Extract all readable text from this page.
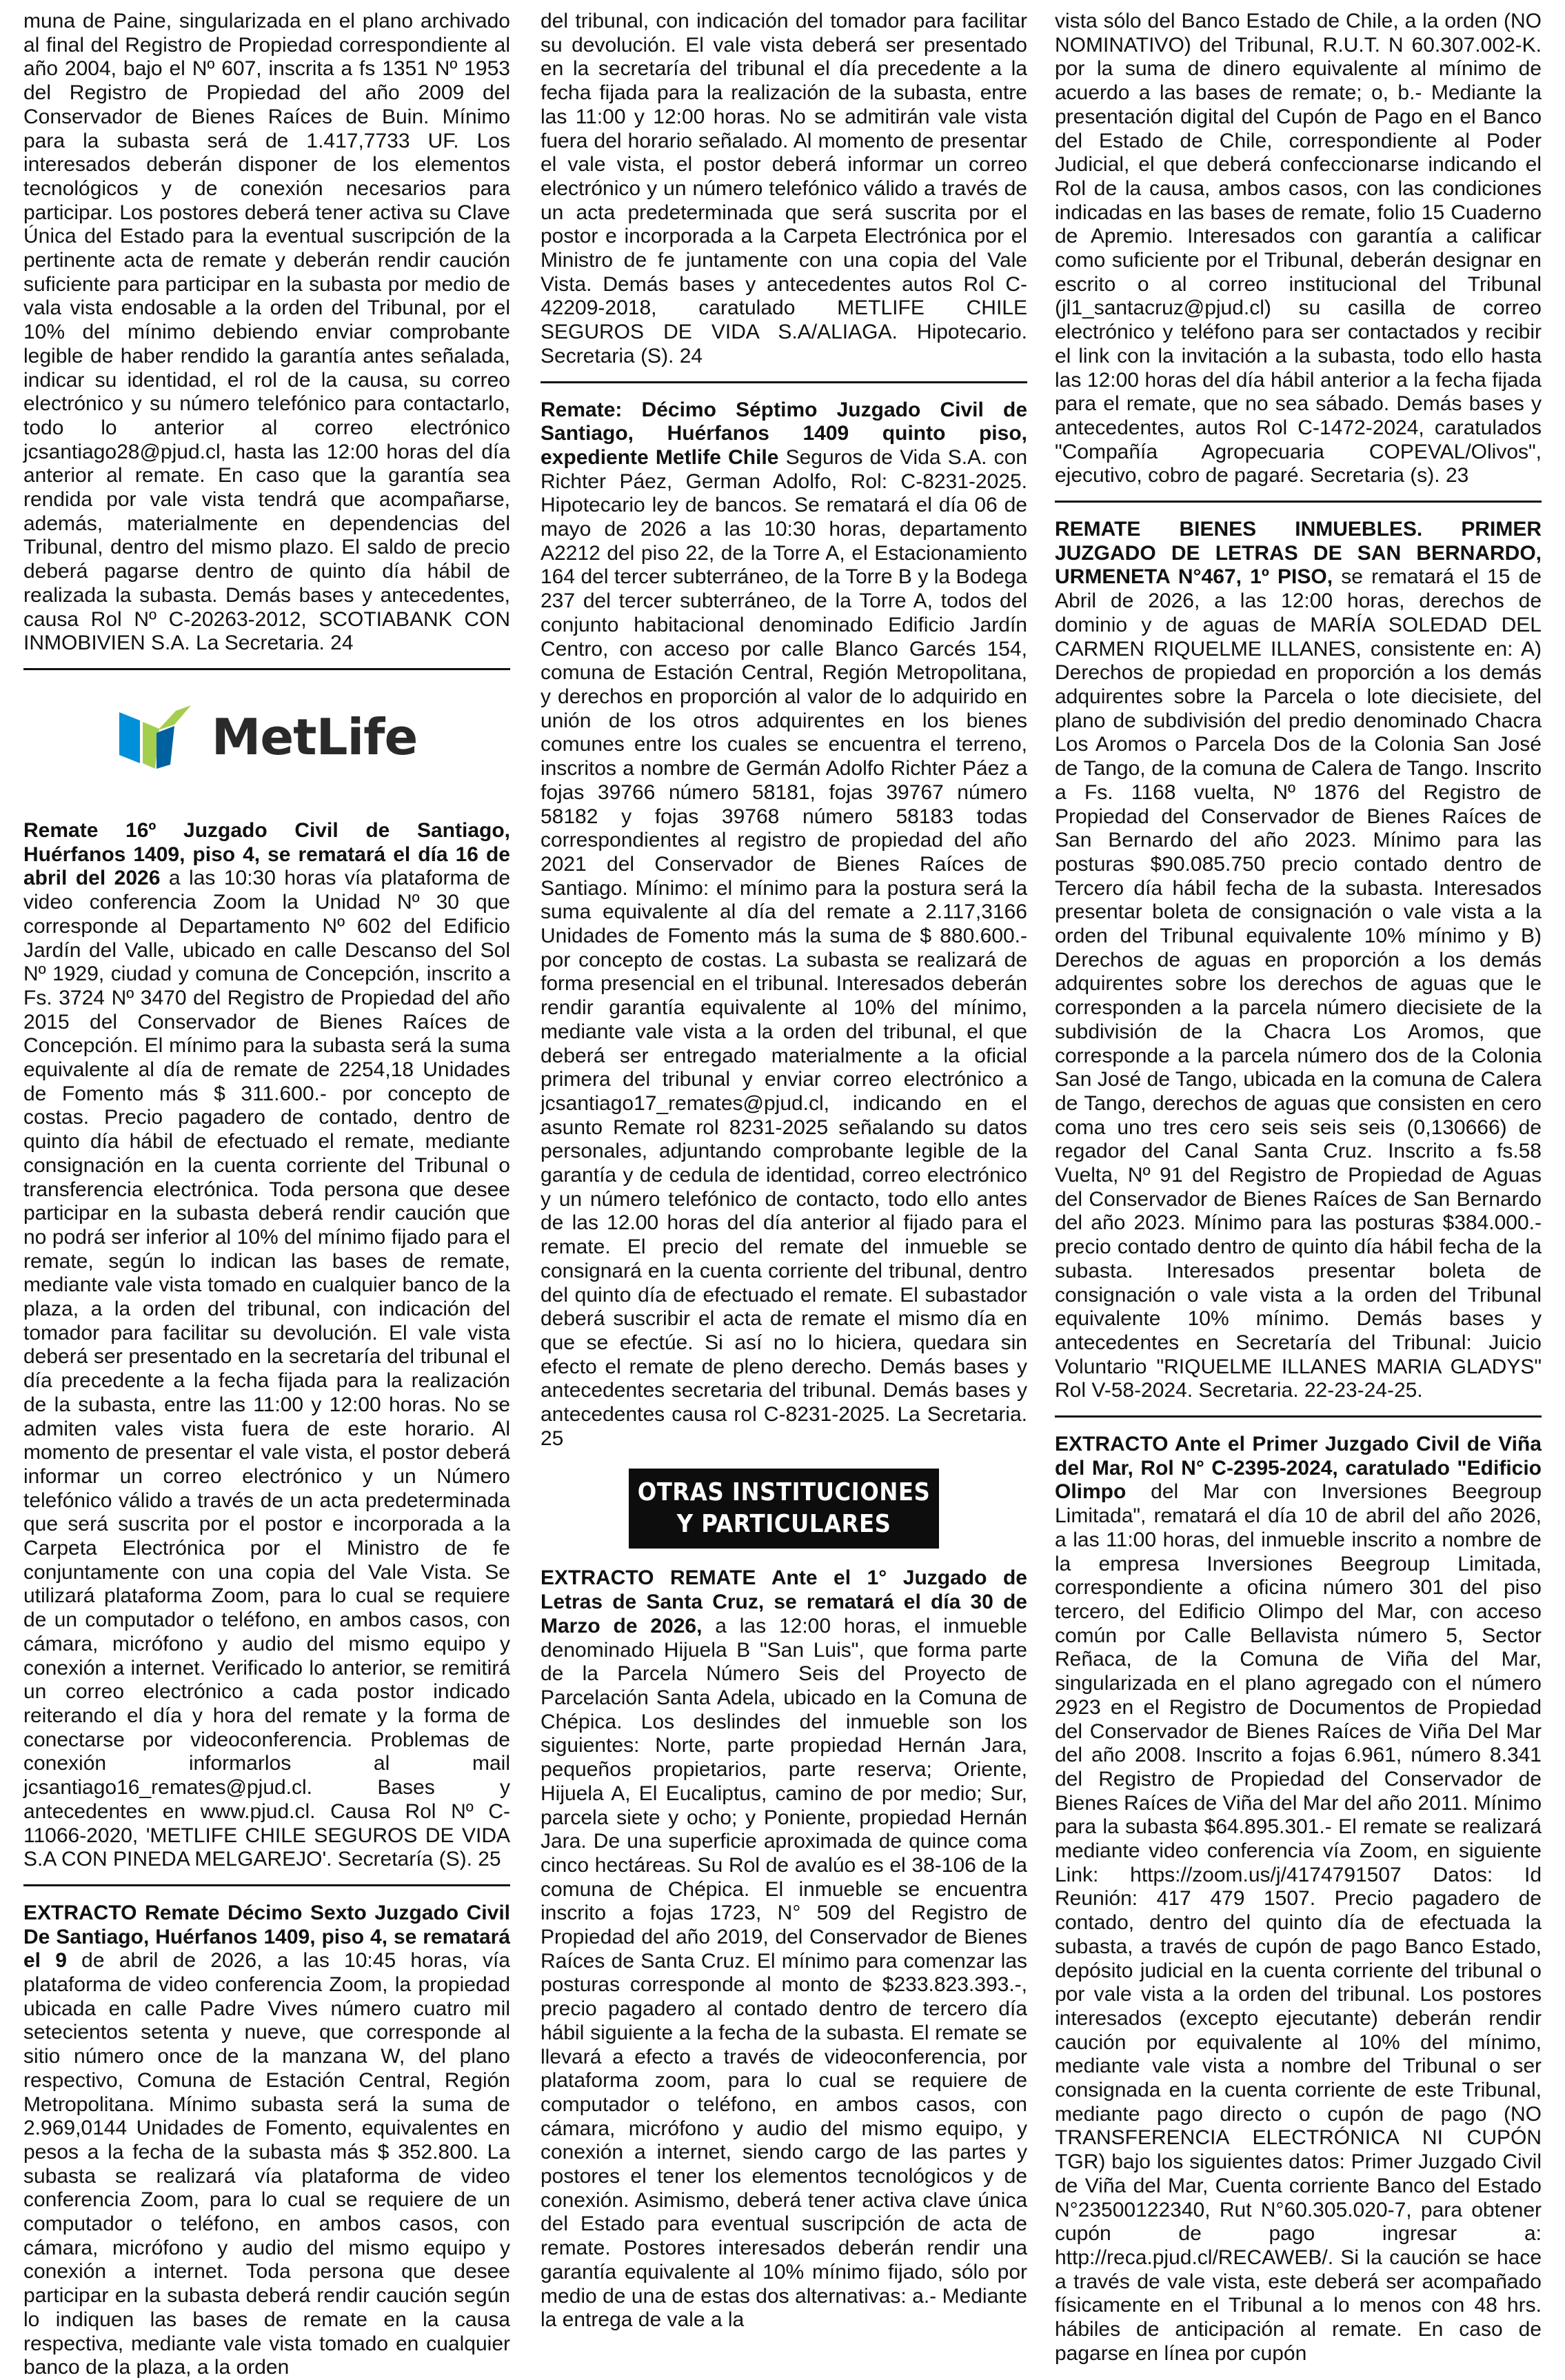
muna de Paine, singularizada en el plano archivado al final del Registro de Propiedad correspondiente al año 2004, bajo el Nº 607, inscrita a fs 1351 Nº 1953 del Registro de Propiedad del año 2009 del Conservador de Bienes Raíces de Buin. Mínimo para la subasta será de 1.417,7733 UF. Los interesados deberán disponer de los elementos tecnológicos y de conexión necesarios para participar. Los postores deberá tener activa su Clave Única del Estado para la eventual suscripción de la pertinente acta de remate y deberán rendir caución suficiente para participar en la subasta por medio de vala vista endosable a la orden del Tribunal, por el 10% del mínimo debiendo enviar comprobante legible de haber rendido la garantía antes señalada, indicar su identidad, el rol de la causa, su correo electrónico y su número telefónico para contactarlo, todo lo anterior al correo electrónico jcsantiago28@pjud.cl, hasta las 12:00 horas del día anterior al remate. En caso que la garantía sea rendida por vale vista tendrá que acompañarse, además, materialmente en dependencias del Tribunal, dentro del mismo plazo. El saldo de precio deberá pagarse dentro de quinto día hábil de realizada la subasta. Demás bases y antecedentes, causa Rol Nº C-20263-2012, SCOTIABANK CON INMOBIVIEN S.A. La Secretaria. 24

MetLife

Remate 16º Juzgado Civil de Santiago, Huérfanos 1409, piso 4, se rematará el día 16 de abril del 2026 a las 10:30 horas vía plataforma de video conferencia Zoom la Unidad Nº 30 que corresponde al Departamento Nº 602 del Edificio Jardín del Valle, ubicado en calle Descanso del Sol Nº 1929, ciudad y comuna de Concepción, inscrito a Fs. 3724 Nº 3470 del Registro de Propiedad del año 2015 del Conservador de Bienes Raíces de Concepción. El mínimo para la subasta será la suma equivalente al día de remate de 2254,18 Unidades de Fomento más $ 311.600.- por concepto de costas. Precio pagadero de contado, dentro de quinto día hábil de efectuado el remate, mediante consignación en la cuenta corriente del Tribunal o transferencia electrónica. Toda persona que desee participar en la subasta deberá rendir caución que no podrá ser inferior al 10% del mínimo fijado para el remate, según lo indican las bases de remate, mediante vale vista tomado en cualquier banco de la plaza, a la orden del tribunal, con indicación del tomador para facilitar su devolución. El vale vista deberá ser presentado en la secretaría del tribunal el día precedente a la fecha fijada para la realización de la subasta, entre las 11:00 y 12:00 horas. No se admiten vales vista fuera de este horario. Al momento de presentar el vale vista, el postor deberá informar un correo electrónico y un Número telefónico válido a través de un acta predeterminada que será suscrita por el postor e incorporada a la Carpeta Electrónica por el Ministro de fe conjuntamente con una copia del Vale Vista. Se utilizará plataforma Zoom, para lo cual se requiere de un computador o teléfono, en ambos casos, con cámara, micrófono y audio del mismo equipo y conexión a internet. Verificado lo anterior, se remitirá un correo electrónico a cada postor indicado reiterando el día y hora del remate y la forma de conectarse por videoconferencia. Problemas de conexión informarlos al mail jcsantiago16_remates@pjud.cl. Bases y antecedentes en www.pjud.cl. Causa Rol Nº C-11066-2020, 'METLIFE CHILE SEGUROS DE VIDA S.A CON PINEDA MELGAREJO'. Secretaría (S). 25

EXTRACTO Remate Décimo Sexto Juzgado Civil De Santiago, Huérfanos 1409, piso 4, se rematará el 9 de abril de 2026, a las 10:45 horas, vía plataforma de video conferencia Zoom, la propiedad ubicada en calle Padre Vives número cuatro mil setecientos setenta y nueve, que corresponde al sitio número once de la manzana W, del plano respectivo, Comuna de Estación Central, Región Metropolitana. Mínimo subasta será la suma de 2.969,0144 Unidades de Fomento, equivalentes en pesos a la fecha de la subasta más $ 352.800. La subasta se realizará vía plataforma de video conferencia Zoom, para lo cual se requiere de un computador o teléfono, en ambos casos, con cámara, micrófono y audio del mismo equipo y conexión a internet. Toda persona que desee participar en la subasta deberá rendir caución según lo indiquen las bases de remate en la causa respectiva, mediante vale vista tomado en cualquier banco de la plaza, a la orden

del tribunal, con indicación del tomador para facilitar su devolución. El vale vista deberá ser presentado en la secretaría del tribunal el día precedente a la fecha fijada para la realización de la subasta, entre las 11:00 y 12:00 horas. No se admitirán vale vista fuera del horario señalado. Al momento de presentar el vale vista, el postor deberá informar un correo electrónico y un número telefónico válido a través de un acta predeterminada que será suscrita por el postor e incorporada a la Carpeta Electrónica por el Ministro de fe juntamente con una copia del Vale Vista. Demás bases y antecedentes autos Rol C-42209-2018, caratulado METLIFE CHILE SEGUROS DE VIDA S.A/ALIAGA. Hipotecario. Secretaria (S). 24

Remate: Décimo Séptimo Juzgado Civil de Santiago, Huérfanos 1409 quinto piso, expediente Metlife Chile Seguros de Vida S.A. con Richter Páez, German Adolfo, Rol: C-8231-2025. Hipotecario ley de bancos. Se rematará el día 06 de mayo de 2026 a las 10:30 horas, departamento A2212 del piso 22, de la Torre A, el Estacionamiento 164 del tercer subterráneo, de la Torre B y la Bodega 237 del tercer subterráneo, de la Torre A, todos del conjunto habitacional denominado Edificio Jardín Centro, con acceso por calle Blanco Garcés 154, comuna de Estación Central, Región Metropolitana, y derechos en proporción al valor de lo adquirido en unión de los otros adquirentes en los bienes comunes entre los cuales se encuentra el terreno, inscritos a nombre de Germán Adolfo Richter Páez a fojas 39766 número 58181, fojas 39767 número 58182 y fojas 39768 número 58183 todas correspondientes al registro de propiedad del año 2021 del Conservador de Bienes Raíces de Santiago. Mínimo: el mínimo para la postura será la suma equivalente al día del remate a 2.117,3166 Unidades de Fomento más la suma de $ 880.600.- por concepto de costas. La subasta se realizará de forma presencial en el tribunal. Interesados deberán rendir garantía equivalente al 10% del mínimo, mediante vale vista a la orden del tribunal, el que deberá ser entregado materialmente a la oficial primera del tribunal y enviar correo electrónico a jcsantiago17_remates@pjud.cl, indicando en el asunto Remate rol 8231-2025 señalando su datos personales, adjuntando comprobante legible de la garantía y de cedula de identidad, correo electrónico y un número telefónico de contacto, todo ello antes de las 12.00 horas del día anterior al fijado para el remate. El precio del remate del inmueble se consignará en la cuenta corriente del tribunal, dentro del quinto día de efectuado el remate. El subastador deberá suscribir el acta de remate el mismo día en que se efectúe. Si así no lo hiciera, quedara sin efecto el remate de pleno derecho. Demás bases y antecedentes secretaria del tribunal. Demás bases y antecedentes causa rol C-8231-2025. La Secretaria. 25

OTRAS INSTITUCIONES
Y PARTICULARES

EXTRACTO REMATE Ante el 1° Juzgado de Letras de Santa Cruz, se rematará el día 30 de Marzo de 2026, a las 12:00 horas, el inmueble denominado Hijuela B "San Luis", que forma parte de la Parcela Número Seis del Proyecto de Parcelación Santa Adela, ubicado en la Comuna de Chépica. Los deslindes del inmueble son los siguientes: Norte, parte propiedad Hernán Jara, pequeños propietarios, parte reserva; Oriente, Hijuela A, El Eucaliptus, camino de por medio; Sur, parcela siete y ocho; y Poniente, propiedad Hernán Jara. De una superficie aproximada de quince coma cinco hectáreas. Su Rol de avalúo es el 38-106 de la comuna de Chépica. El inmueble se encuentra inscrito a fojas 1723, N° 509 del Registro de Propiedad del año 2019, del Conservador de Bienes Raíces de Santa Cruz. El mínimo para comenzar las posturas corresponde al monto de $233.823.393.-, precio pagadero al contado dentro de tercero día hábil siguiente a la fecha de la subasta. El remate se llevará a efecto a través de videoconferencia, por plataforma zoom, para lo cual se requiere de computador o teléfono, en ambos casos, con cámara, micrófono y audio del mismo equipo, y conexión a internet, siendo cargo de las partes y postores el tener los elementos tecnológicos y de conexión. Asimismo, deberá tener activa clave única del Estado para eventual suscripción de acta de remate. Postores interesados deberán rendir una garantía equivalente al 10% mínimo fijado, sólo por medio de una de estas dos alternativas: a.- Mediante la entrega de vale a la

vista sólo del Banco Estado de Chile, a la orden (NO NOMINATIVO) del Tribunal, R.U.T. N 60.307.002-K. por la suma de dinero equivalente al mínimo de acuerdo a las bases de remate; o, b.- Mediante la presentación digital del Cupón de Pago en el Banco del Estado de Chile, correspondiente al Poder Judicial, el que deberá confeccionarse indicando el Rol de la causa, ambos casos, con las condiciones indicadas en las bases de remate, folio 15 Cuaderno de Apremio. Interesados con garantía a calificar como suficiente por el Tribunal, deberán designar en escrito o al correo institucional del Tribunal (jl1_santacruz@pjud.cl) su casilla de correo electrónico y teléfono para ser contactados y recibir el link con la invitación a la subasta, todo ello hasta las 12:00 horas del día hábil anterior a la fecha fijada para el remate, que no sea sábado. Demás bases y antecedentes, autos Rol C-1472-2024, caratulados "Compañía Agropecuaria COPEVAL/Olivos", ejecutivo, cobro de pagaré. Secretaria (s). 23

REMATE BIENES INMUEBLES. PRIMER JUZGADO DE LETRAS DE SAN BERNARDO, URMENETA N°467, 1º PISO, se rematará el 15 de Abril de 2026, a las 12:00 horas, derechos de dominio y de aguas de MARÍA SOLEDAD DEL CARMEN RIQUELME ILLANES, consistente en: A) Derechos de propiedad en proporción a los demás adquirentes sobre la Parcela o lote diecisiete, del plano de subdivisión del predio denominado Chacra Los Aromos o Parcela Dos de la Colonia San José de Tango, de la comuna de Calera de Tango. Inscrito a Fs. 1168 vuelta, Nº 1876 del Registro de Propiedad del Conservador de Bienes Raíces de San Bernardo del año 2023. Mínimo para las posturas $90.085.750 precio contado dentro de Tercero día hábil fecha de la subasta. Interesados presentar boleta de consignación o vale vista a la orden del Tribunal equivalente 10% mínimo y B) Derechos de aguas en proporción a los demás adquirentes sobre los derechos de aguas que le corresponden a la parcela número diecisiete de la subdivisión de la Chacra Los Aromos, que corresponde a la parcela número dos de la Colonia San José de Tango, ubicada en la comuna de Calera de Tango, derechos de aguas que consisten en cero coma uno tres cero seis seis seis (0,130666) de regador del Canal Santa Cruz. Inscrito a fs.58 Vuelta, Nº 91 del Registro de Propiedad de Aguas del Conservador de Bienes Raíces de San Bernardo del año 2023. Mínimo para las posturas $384.000.- precio contado dentro de quinto día hábil fecha de la subasta. Interesados presentar boleta de consignación o vale vista a la orden del Tribunal equivalente 10% mínimo. Demás bases y antecedentes en Secretaría del Tribunal: Juicio Voluntario "RIQUELME ILLANES MARIA GLADYS" Rol V-58-2024. Secretaria. 22-23-24-25.

EXTRACTO Ante el Primer Juzgado Civil de Viña del Mar, Rol N° C-2395-2024, caratulado "Edificio Olimpo del Mar con Inversiones Beegroup Limitada", rematará el día 10 de abril del año 2026, a las 11:00 horas, del inmueble inscrito a nombre de la empresa Inversiones Beegroup Limitada, correspondiente a oficina número 301 del piso tercero, del Edificio Olimpo del Mar, con acceso común por Calle Bellavista número 5, Sector Reñaca, de la Comuna de Viña del Mar, singularizada en el plano agregado con el número 2923 en el Registro de Documentos de Propiedad del Conservador de Bienes Raíces de Viña Del Mar del año 2008. Inscrito a fojas 6.961, número 8.341 del Registro de Propiedad del Conservador de Bienes Raíces de Viña del Mar del año 2011. Mínimo para la subasta $64.895.301.- El remate se realizará mediante video conferencia vía Zoom, en siguiente Link: https://zoom.us/j/4174791507 Datos: Id Reunión: 417 479 1507. Precio pagadero de contado, dentro del quinto día de efectuada la subasta, a través de cupón de pago Banco Estado, depósito judicial en la cuenta corriente del tribunal o por vale vista a la orden del tribunal. Los postores interesados (excepto ejecutante) deberán rendir caución por equivalente al 10% del mínimo, mediante vale vista a nombre del Tribunal o ser consignada en la cuenta corriente de este Tribunal, mediante pago directo o cupón de pago (NO TRANSFERENCIA ELECTRÓNICA NI CUPÓN TGR) bajo los siguientes datos: Primer Juzgado Civil de Viña del Mar, Cuenta corriente Banco del Estado N°23500122340, Rut N°60.305.020-7, para obtener cupón de pago ingresar a: http://reca.pjud.cl/RECAWEB/. Si la caución se hace a través de vale vista, este deberá ser acompañado físicamente en el Tribunal a lo menos con 48 hrs. hábiles de anticipación al remate. En caso de pagarse en línea por cupón
